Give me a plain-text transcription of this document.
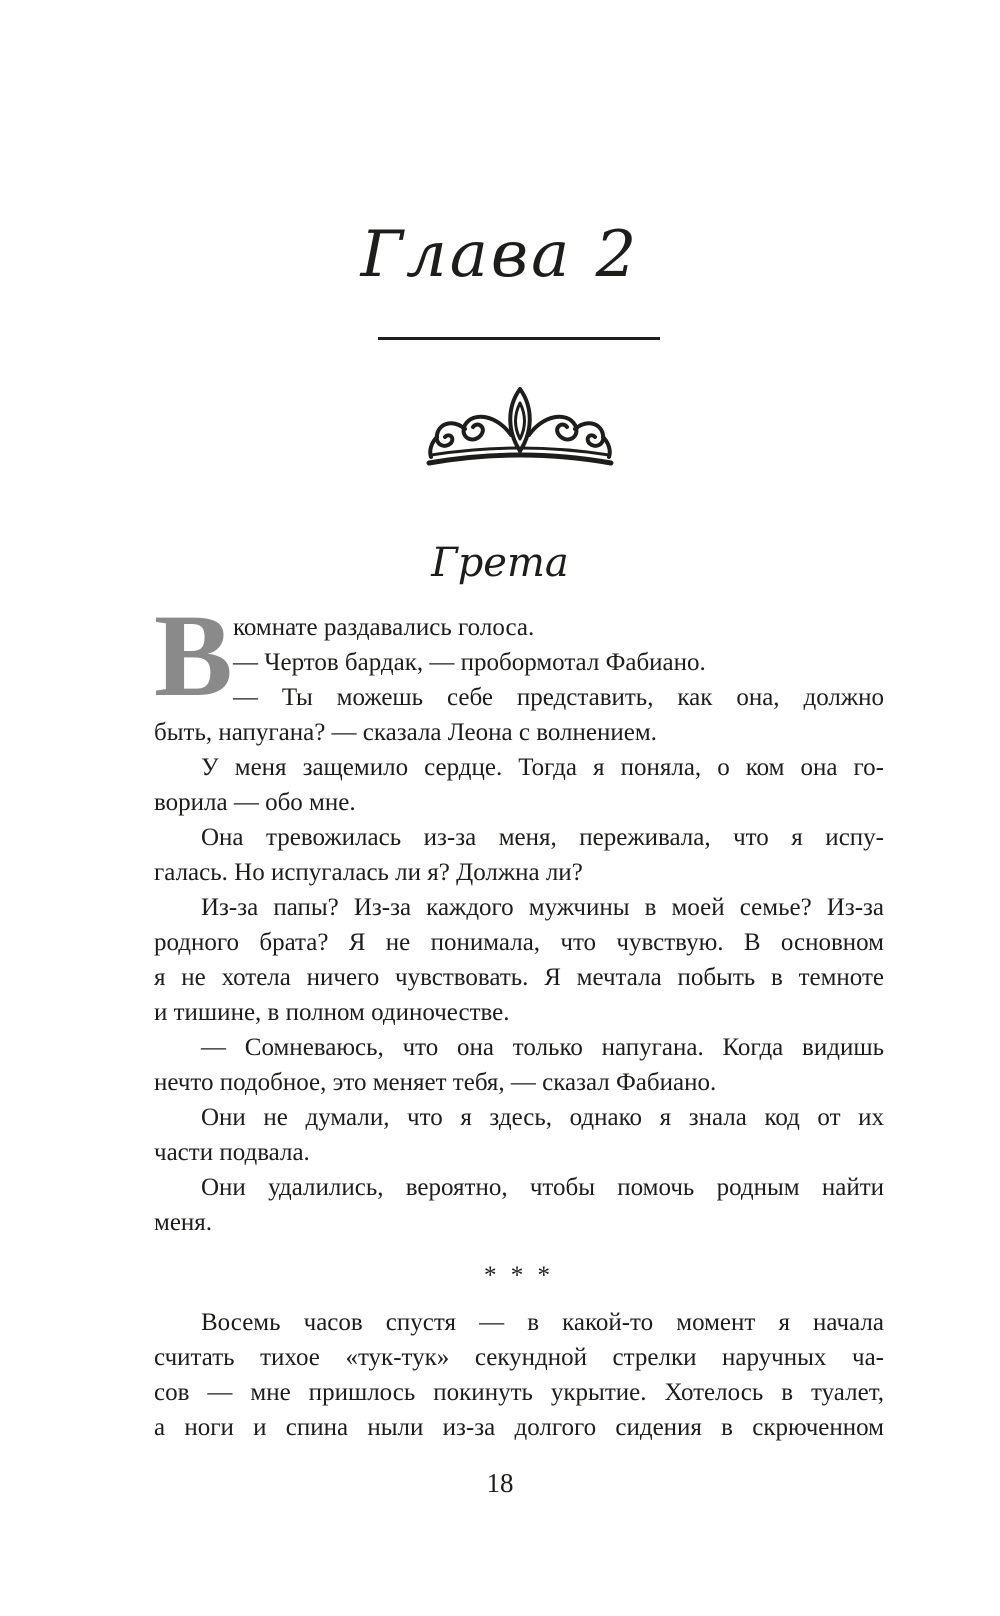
Глава 2
Грета
В комнате раздавались голоса.
— Чертов бардак, — пробормотал Фабиано.
— Ты можешь себе представить, как она, должно
быть, напугана? — сказала Леона с волнением.
У меня защемило сердце. Тогда я поняла, о ком она го-
ворила — обо мне.
Она тревожилась из-за меня, переживала, что я испу-
галась. Но испугалась ли я? Должна ли?
Из-за папы? Из-за каждого мужчины в моей семье? Из-за
родного брата? Я не понимала, что чувствую. В основном
я не хотела ничего чувствовать. Я мечтала побыть в темноте
и тишине, в полном одиночестве.
— Сомневаюсь, что она только напугана. Когда видишь
нечто подобное, это меняет тебя, — сказал Фабиано.
Они не думали, что я здесь, однако я знала код от их
части подвала.
Они удалились, вероятно, чтобы помочь родным найти
меня.
* * *
Восемь часов спустя — в какой-то момент я начала
считать тихое «тук-тук» секундной стрелки наручных ча-
сов — мне пришлось покинуть укрытие. Хотелось в туалет,
а ноги и спина ныли из-за долгого сидения в скрюченном
18
